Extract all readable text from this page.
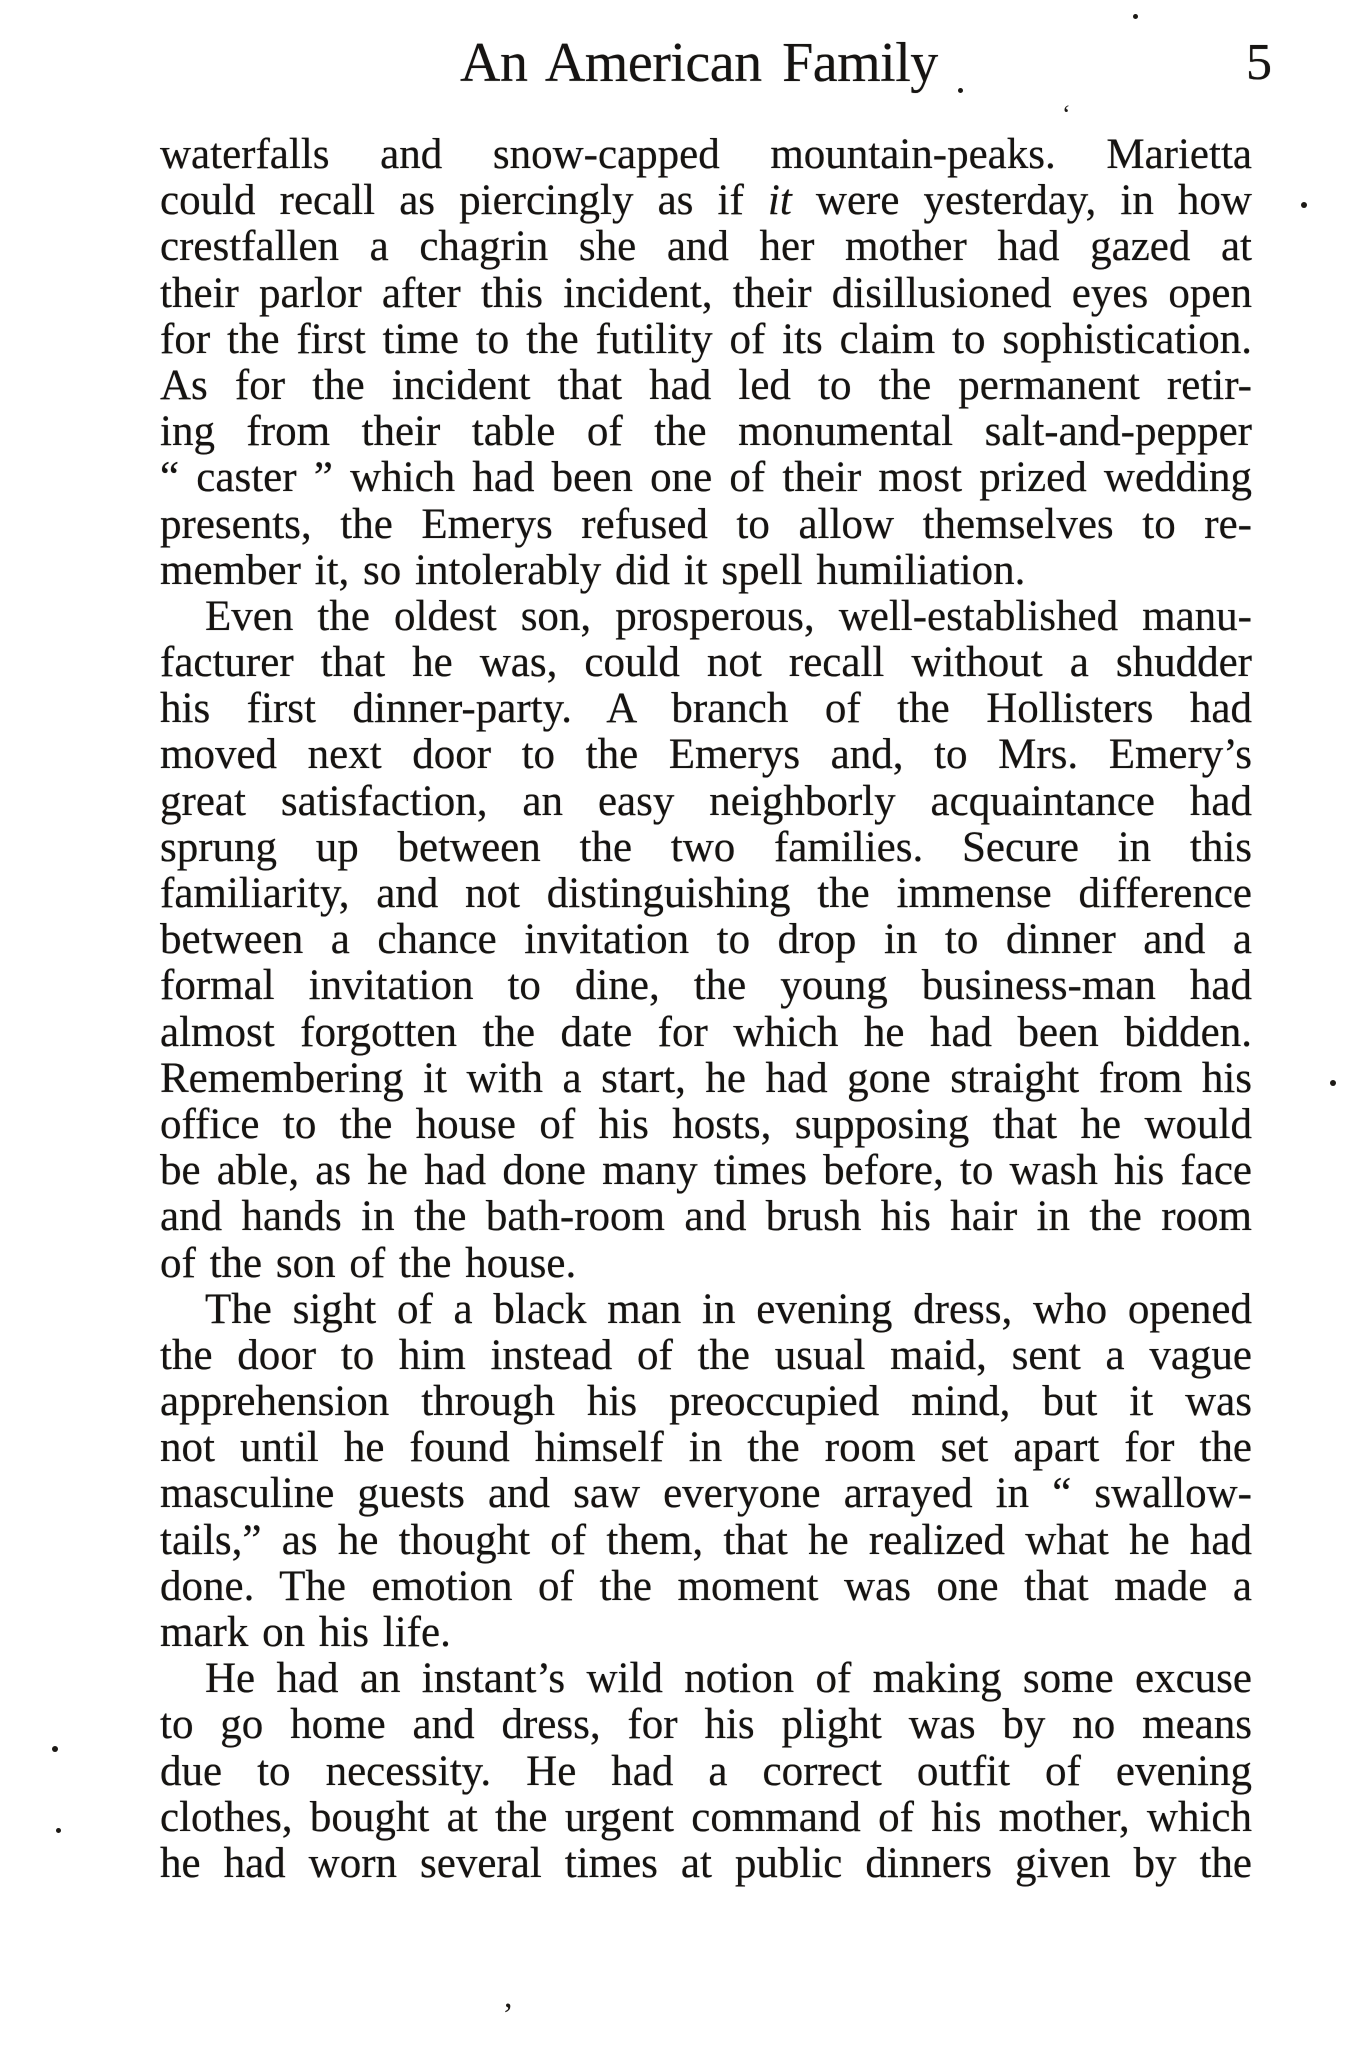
An American Family	5
waterfalls and snow-capped mountain-peaks. Marietta
could recall as piercingly as if it were yesterday, in how
crestfallen a chagrin she and her mother had gazed at
their parlor after this incident, their disillusioned eyes open
for the first time to the futility of its claim to sophistication.
As for the incident that had led to the permanent retir-
ing from their table of the monumental salt-and-pepper
“ caster ” which had been one of their most prized wedding
presents, the Emerys refused to allow themselves to re-
member it, so intolerably did it spell humiliation.
Even the oldest son, prosperous, well-established manu-
facturer that he was, could not recall without a shudder
his first dinner-party. A branch of the Hollisters had
moved next door to the Emerys and, to Mrs. Emery’s
great satisfaction, an easy neighborly acquaintance had
sprung up between the two families. Secure in this
familiarity, and not distinguishing the immense difference
between a chance invitation to drop in to dinner and a
formal invitation to dine, the young business-man had
almost forgotten the date for which he had been bidden.
Remembering it with a start, he had gone straight from his
office to the house of his hosts, supposing that he would
be able, as he had done many times before, to wash his face
and hands in the bath-room and brush his hair in the room
of the son of the house.
The sight of a black man in evening dress, who opened
the door to him instead of the usual maid, sent a vague
apprehension through his preoccupied mind, but it was
not until he found himself in the room set apart for the
masculine guests and saw everyone arrayed in “ swallow-
tails,” as he thought of them, that he realized what he had
done. The emotion of the moment was one that made a
mark on his life.
He had an instant’s wild notion of making some excuse
to go home and dress, for his plight was by no means
due to necessity. He had a correct outfit of evening
clothes, bought at the urgent command of his mother, which
he had worn several times at public dinners given by the
‘
,
